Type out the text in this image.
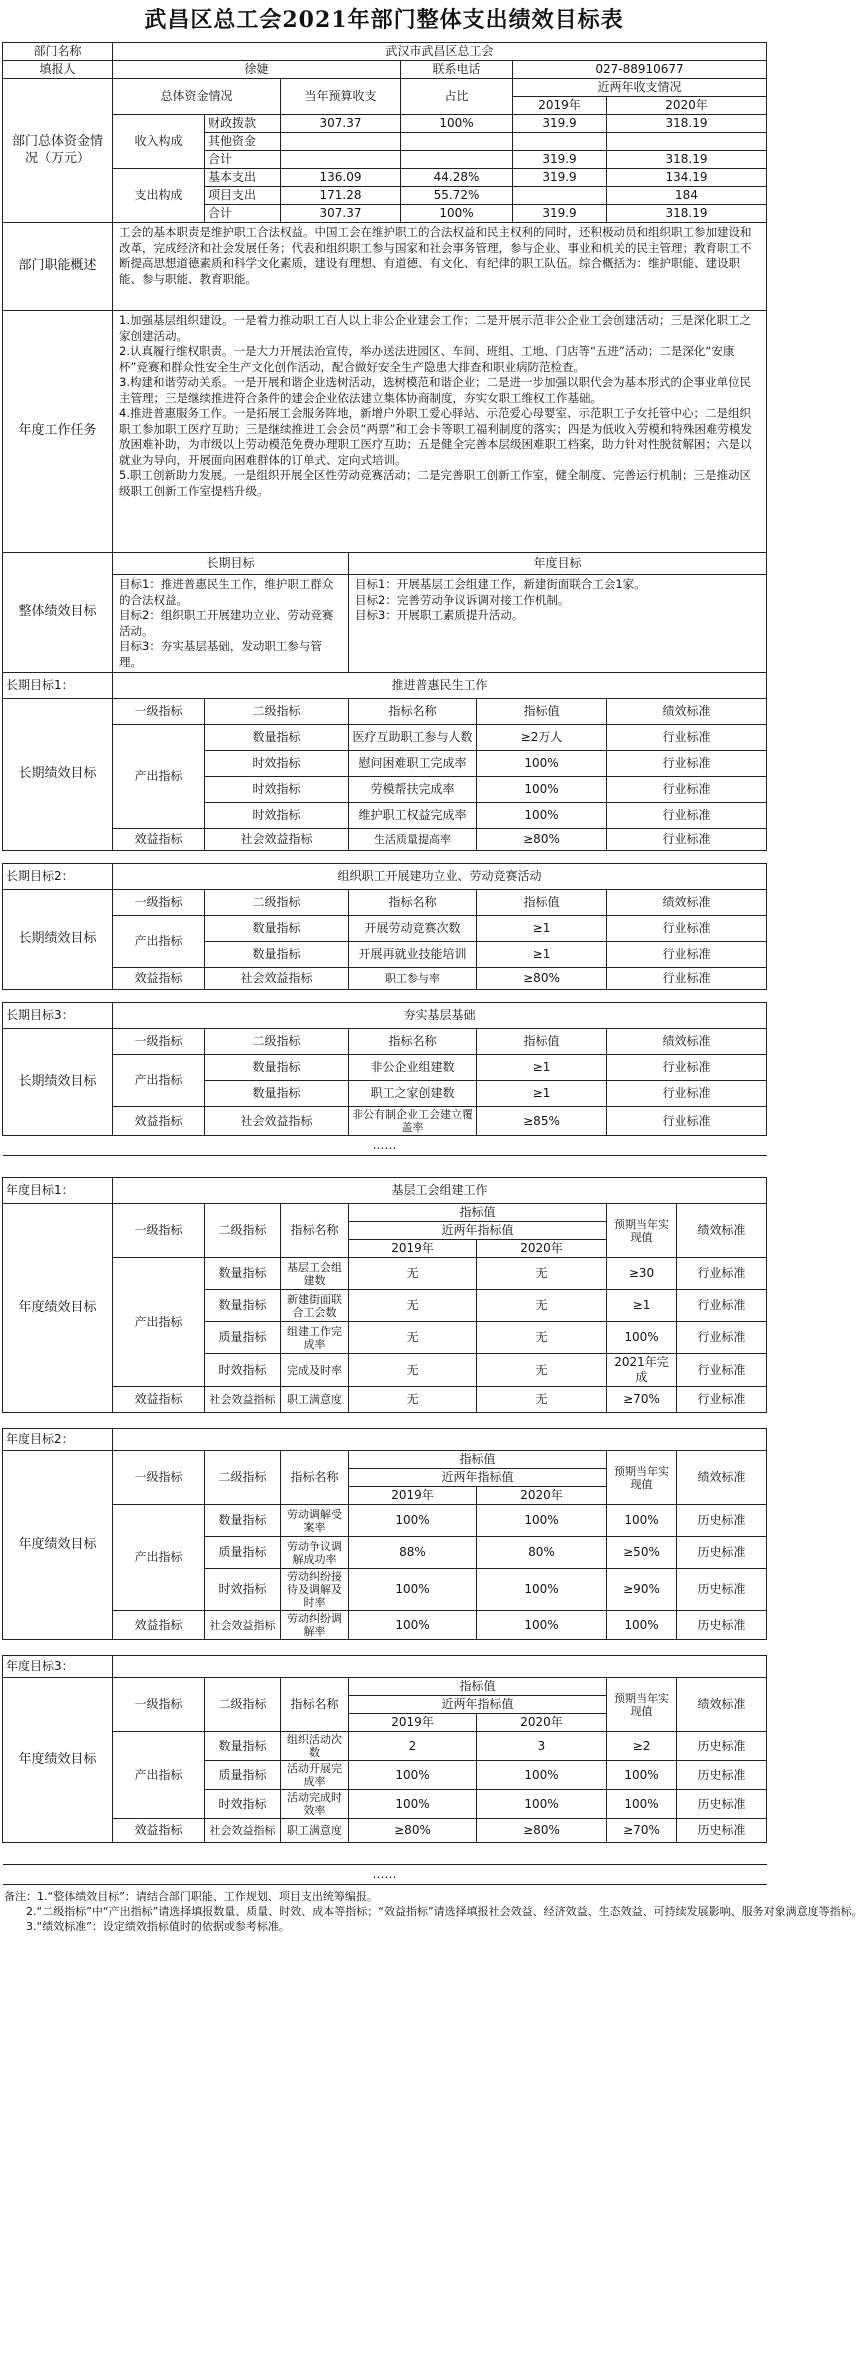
武昌区总工会2021年部门整体支出绩效目标表
部门名称	武汉市武昌区总工会								
填报人	徐婕				联系电话		027-88910677		
部门总体资金情况（万元）	总体资金情况		当年预算收支		占比		近两年收支情况		
							2019年	2020年	
	收入构成	财政拨款	307.37		100%		319.9	318.19	
		其他资金							
		合计					319.9	318.19	
	支出构成	基本支出	136.09		44.28%		319.9	134.19	
		项目支出	171.28		55.72%			184	
		合计	307.37		100%		319.9	318.19	
部门职能概述	工会的基本职责是维护职工合法权益。中国工会在维护职工的合法权益和民主权利的同时，还积极动员和组织职工参加建设和改革，完成经济和社会发展任务；代表和组织职工参与国家和社会事务管理，参与企业、事业和机关的民主管理；教育职工不断提高思想道德素质和科学文化素质，建设有理想、有道德、有文化、有纪律的职工队伍。综合概括为：维护职能、建设职能、参与职能、教育职能。								
年度工作任务	1.加强基层组织建设。一是着力推动职工百人以上非公企业建会工作；二是开展示范非公企业工会创建活动；三是深化职工之家创建活动。
2.认真履行维权职责。一是大力开展法治宣传，举办送法进园区、车间、班组、工地、门店等“五进”活动；二是深化“安康杯”竞赛和群众性安全生产文化创作活动，配合做好安全生产隐患大排查和职业病防范检查。
3.构建和谐劳动关系。一是开展和谐企业选树活动，选树模范和谐企业；二是进一步加强以职代会为基本形式的企事业单位民主管理；三是继续推进符合条件的建会企业依法建立集体协商制度，夯实女职工维权工作基础。
4.推进普惠服务工作。一是拓展工会服务阵地，新增户外职工爱心驿站、示范爱心母婴室、示范职工子女托管中心；二是组织职工参加职工医疗互助；三是继续推进工会会员“两票”和工会卡等职工福利制度的落实；四是为低收入劳模和特殊困难劳模发放困难补助，为市级以上劳动模范免费办理职工医疗互助；五是健全完善本层级困难职工档案，助力针对性脱贫解困；六是以就业为导向，开展面向困难群体的订单式、定向式培训。
5.职工创新助力发展。一是组织开展全区性劳动竞赛活动；二是完善职工创新工作室，健全制度、完善运行机制；三是推动区级职工创新工作室提档升级。								
整体绩效目标	长期目标			年度目标					
	目标1：推进普惠民生工作，维护职工群众的合法权益。
目标2：组织职工开展建功立业、劳动竞赛活动。
目标3：夯实基层基础，发动职工参与管理。			目标1：开展基层工会组建工作，新建街面联合工会1家。
目标2：完善劳动争议诉调对接工作机制。
目标3：开展职工素质提升活动。					
长期目标1：	推进普惠民生工作								
长期绩效目标	一级指标	二级指标		指标名称		指标值		绩效标准	
	产出指标	数量指标		医疗互助职工参与人数		≥2万人		行业标准	
		时效指标		慰问困难职工完成率		100%		行业标准	
		时效指标		劳模帮扶完成率		100%		行业标准	
		时效指标		维护职工权益完成率		100%		行业标准	
	效益指标	社会效益指标		生活质量提高率		≥80%		行业标准	

长期目标2：	组织职工开展建功立业、劳动竞赛活动								
长期绩效目标	一级指标	二级指标		指标名称		指标值		绩效标准	
	产出指标	数量指标		开展劳动竞赛次数		≥1		行业标准	
		数量指标		开展再就业技能培训		≥1		行业标准	
	效益指标	社会效益指标		职工参与率		≥80%		行业标准	

长期目标3：	夯实基层基础								
长期绩效目标	一级指标	二级指标		指标名称		指标值		绩效标准	
	产出指标	数量指标		非公企业组建数		≥1		行业标准	
		数量指标		职工之家创建数		≥1		行业标准	
	效益指标	社会效益指标		非公有制企业工会建立覆盖率		≥85%		行业标准	
……									

年度目标1：	基层工会组建工作								
年度绩效目标	一级指标	二级指标	指标名称	指标值				预期当年实现值	绩效标准
				近两年指标值					
				2019年		2020年			
	产出指标	数量指标	基层工会组建数	无		无		≥30	行业标准
		数量指标	新建街面联合工会数	无		无		≥1	行业标准
		质量指标	组建工作完成率	无		无		100%	行业标准
		时效指标	完成及时率	无		无		2021年完成	行业标准
	效益指标	社会效益指标	职工满意度	无		无		≥70%	行业标准

年度目标2：									
年度绩效目标	一级指标	二级指标	指标名称	指标值				预期当年实现值	绩效标准
				近两年指标值					
				2019年		2020年			
	产出指标	数量指标	劳动调解受案率	100%		100%		100%	历史标准
		质量指标	劳动争议调解成功率	88%		80%		≥50%	历史标准
		时效指标	劳动纠纷接待及调解及时率	100%		100%		≥90%	历史标准
	效益指标	社会效益指标	劳动纠纷调解率	100%		100%		100%	历史标准

年度目标3：									
年度绩效目标	一级指标	二级指标	指标名称	指标值				预期当年实现值	绩效标准
				近两年指标值					
				2019年		2020年			
	产出指标	数量指标	组织活动次数	2		3		≥2	历史标准
		质量指标	活动开展完成率	100%		100%		100%	历史标准
		时效指标	活动完成时效率	100%		100%		100%	历史标准
	效益指标	社会效益指标	职工满意度	≥80%		≥80%		≥70%	历史标准

……									
备注：1.“整体绩效目标”：请结合部门职能、工作规划、项目支出统筹编报。
2.“二级指标”中“产出指标”请选择填报数量、质量、时效、成本等指标；“效益指标”请选择填报社会效益、经济效益、生态效益、可持续发展影响、服务对象满意度等指标。
3.“绩效标准”：设定绩效指标值时的依据或参考标准。
